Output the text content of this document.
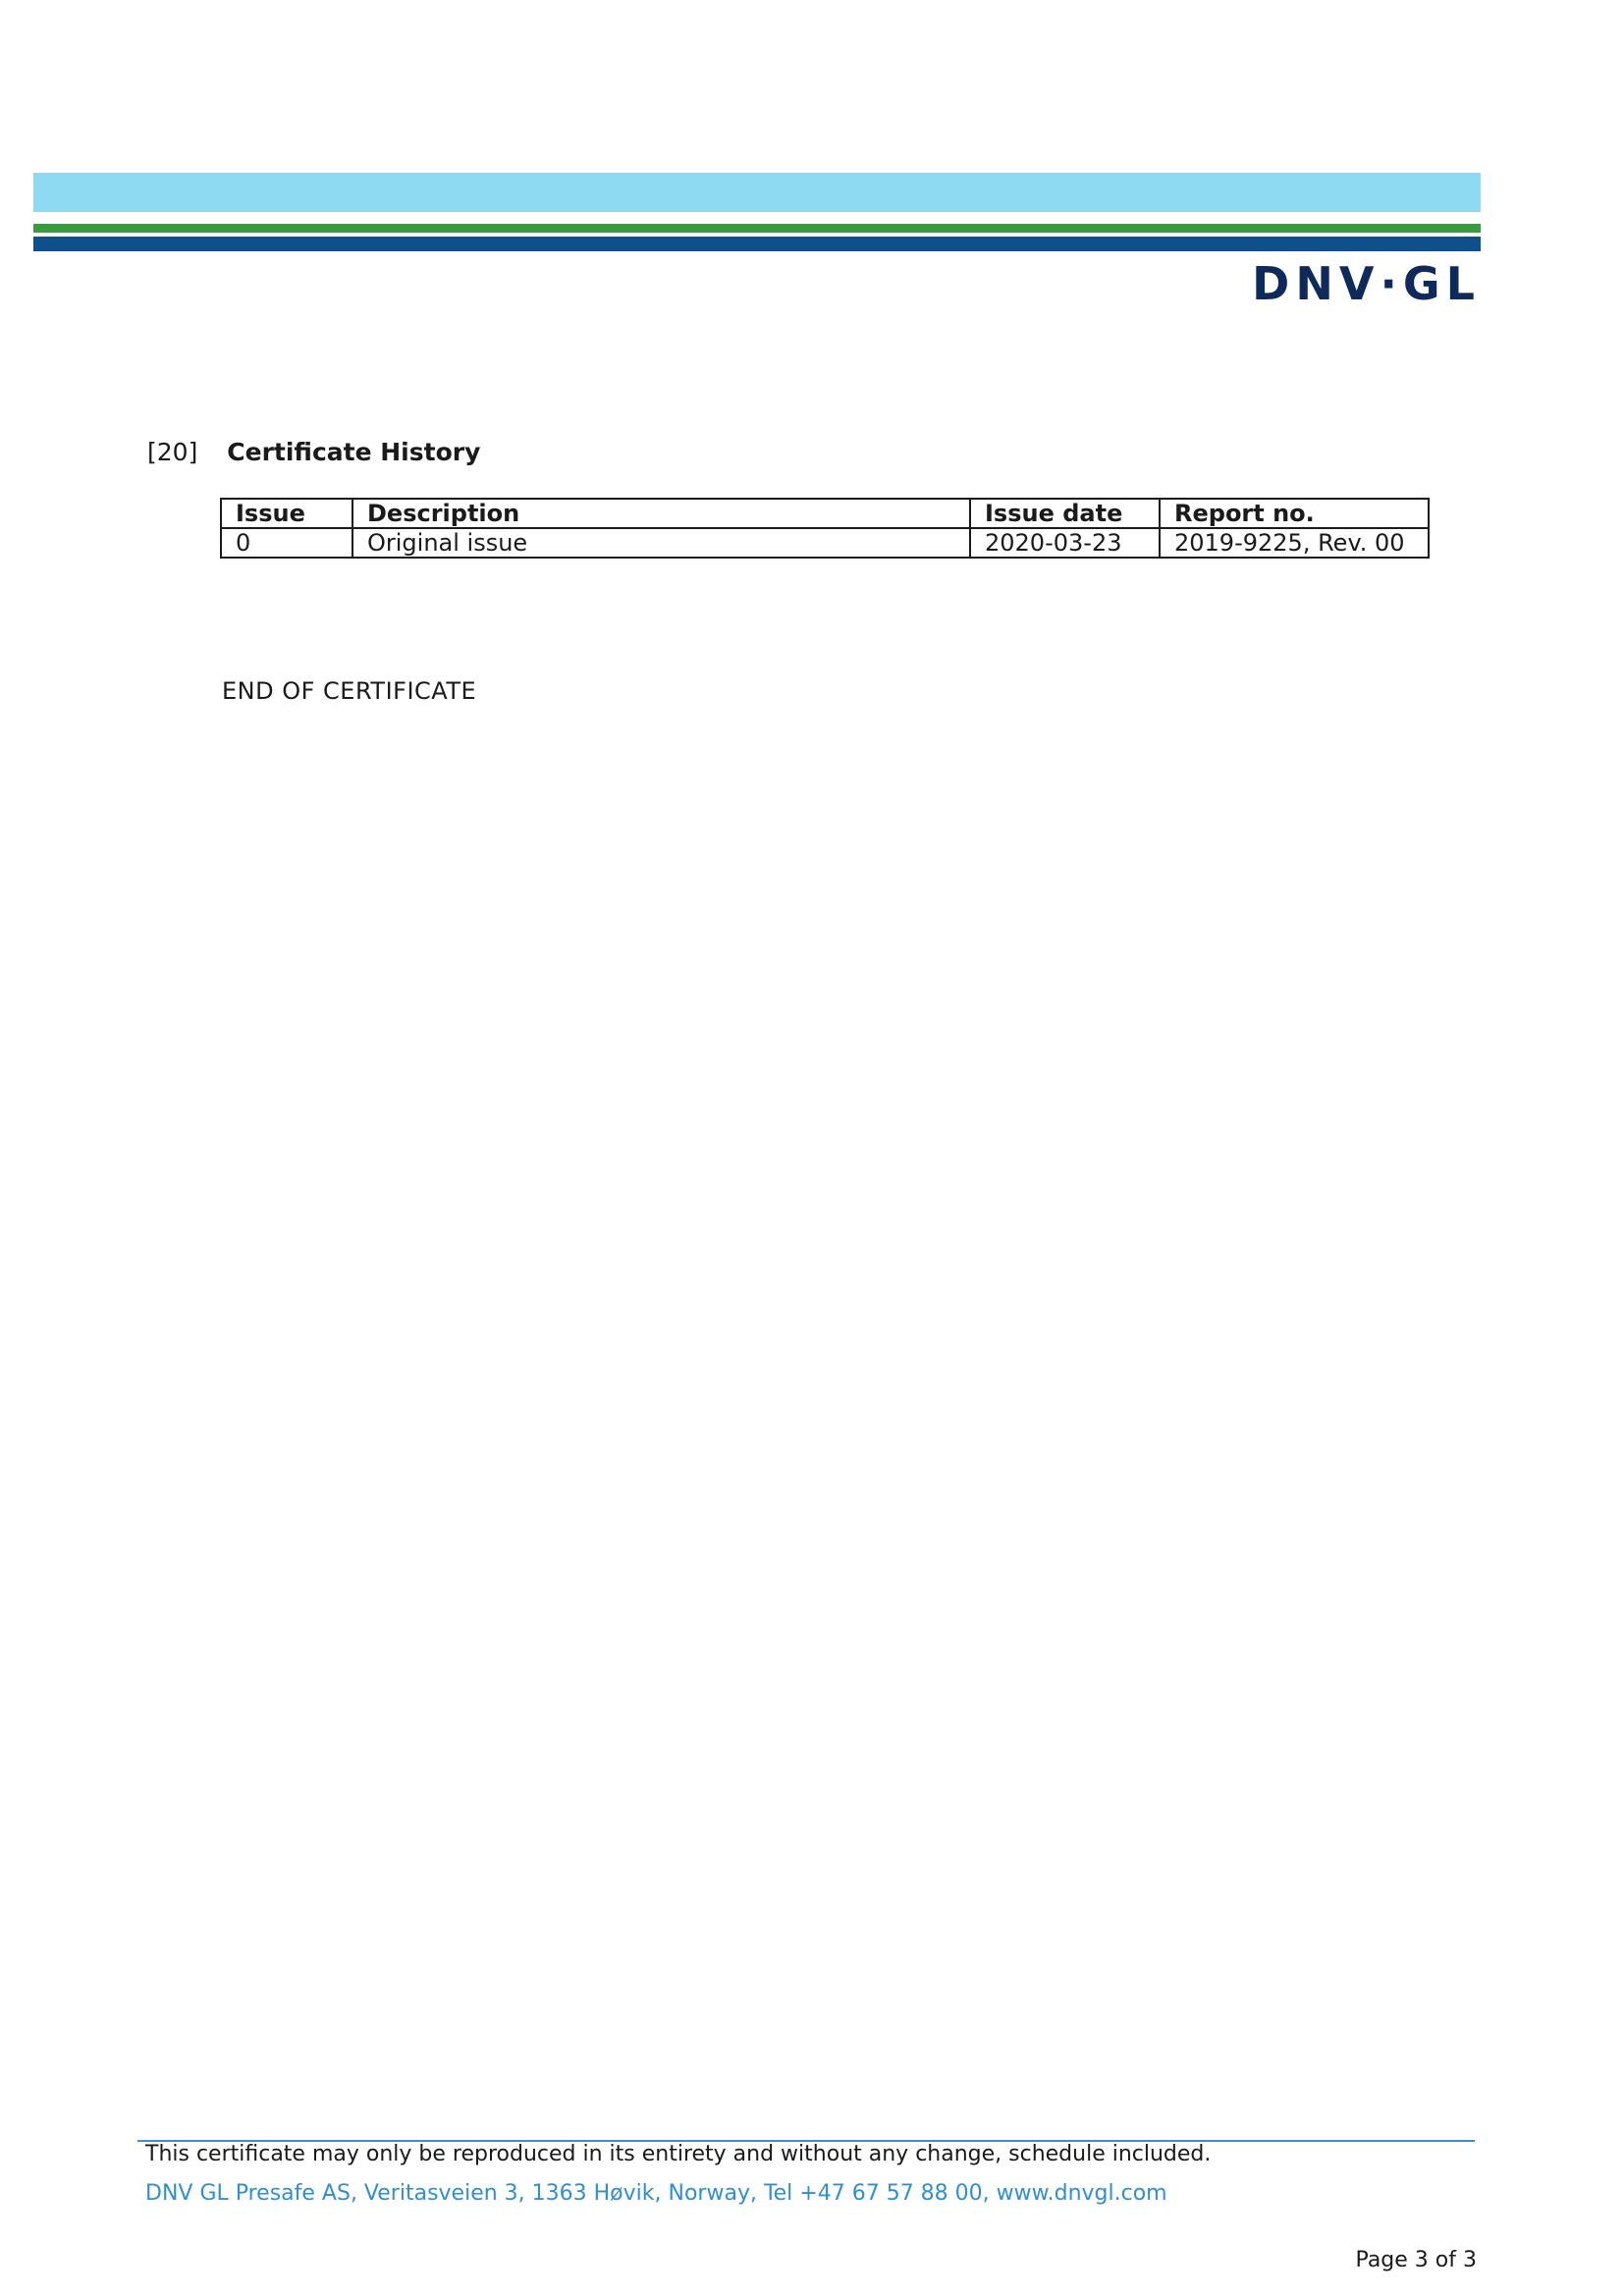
DNV·GL
[20] Certificate History
Issue	Description	Issue date	Report no.
0	Original issue	2020-03-23	2019-9225, Rev. 00
END OF CERTIFICATE
This certificate may only be reproduced in its entirety and without any change, schedule included.
DNV GL Presafe AS, Veritasveien 3, 1363 Høvik, Norway, Tel +47 67 57 88 00, www.dnvgl.com
Page 3 of 3
